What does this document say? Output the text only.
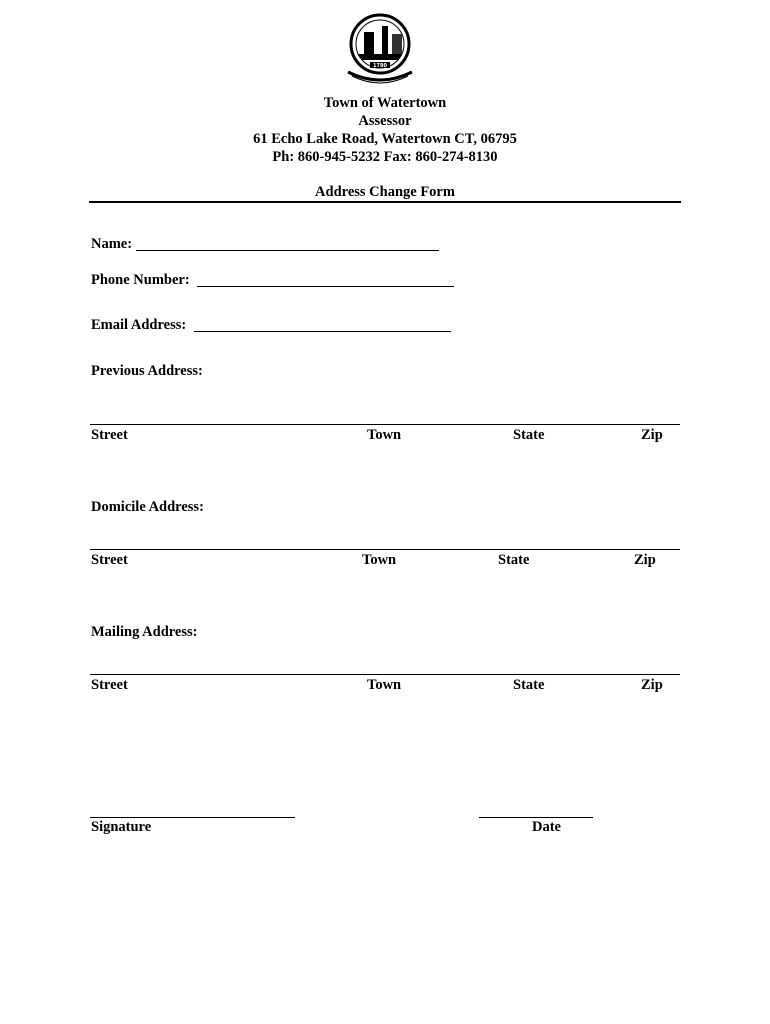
1780
Town of Watertown
Assessor
61 Echo Lake Road, Watertown CT, 06795
Ph: 860-945-5232 Fax: 860-274-8130
Address Change Form
Name:
Phone Number:
Email Address:
Previous Address:
Street	Town	State	Zip
Domicile Address:
Street	Town	State	Zip
Mailing Address:
Street	Town	State	Zip
Signature	Date
